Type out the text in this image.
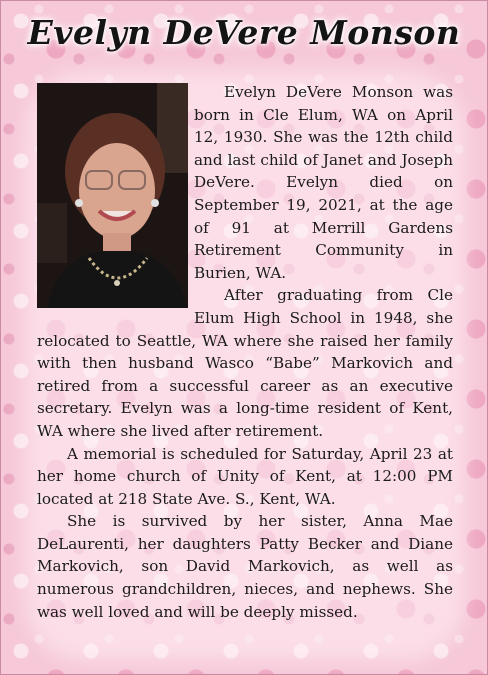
Evelyn DeVere Monson

Evelyn DeVere Monson was born in Cle Elum, WA on April 12, 1930. She was the 12th child and last child of Janet and Joseph DeVere. Evelyn died on September 19, 2021, at the age of 91 at Merrill Gardens Retirement Community in Burien, WA.

After graduating from Cle Elum High School in 1948, she relocated to Seattle, WA where she raised her family with then husband Wasco “Babe” Markovich and retired from a successful career as an executive secretary. Evelyn was a long-time resident of Kent, WA where she lived after retirement.

A memorial is scheduled for Saturday, April 23 at her home church of Unity of Kent, at 12:00 PM located at 218 State Ave. S., Kent, WA.

She is survived by her sister, Anna Mae DeLaurenti, her daughters Patty Becker and Diane Markovich, son David Markovich, as well as numerous grandchildren, nieces, and nephews. She was well loved and will be deeply missed.
